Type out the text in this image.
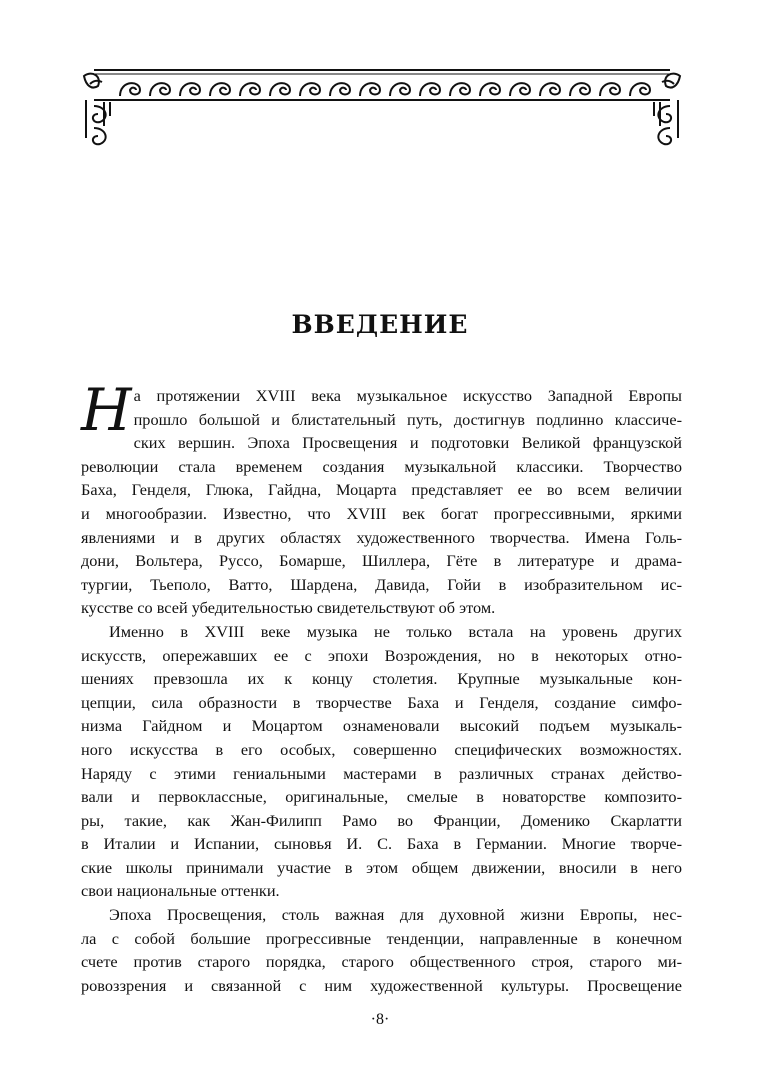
ВВЕДЕНИЕ

Н а протяжении XVIII века музыкальное искусство Западной Европы
прошло большой и блистательный путь, достигнув подлинно классиче-
ских вершин. Эпоха Просвещения и подготовки Великой французской
революции стала временем создания музыкальной классики. Творчество
Баха, Генделя, Глюка, Гайдна, Моцарта представляет ее во всем величии
и многообразии. Известно, что XVIII век богат прогрессивными, яркими
явлениями и в других областях художественного творчества. Имена Голь-
дони, Вольтера, Руссо, Бомарше, Шиллера, Гёте в литературе и драма-
тургии, Тьеполо, Ватто, Шардена, Давида, Гойи в изобразительном ис-
кусстве со всей убедительностью свидетельствуют об этом.

Именно в XVIII веке музыка не только встала на уровень других
искусств, опережавших ее с эпохи Возрождения, но в некоторых отно-
шениях превзошла их к концу столетия. Крупные музыкальные кон-
цепции, сила образности в творчестве Баха и Генделя, создание симфо-
низма Гайдном и Моцартом ознаменовали высокий подъем музыкаль-
ного искусства в его особых, совершенно специфических возможностях.
Наряду с этими гениальными мастерами в различных странах действо-
вали и первоклассные, оригинальные, смелые в новаторстве композито-
ры, такие, как Жан-Филипп Рамо во Франции, Доменико Скарлатти
в Италии и Испании, сыновья И. С. Баха в Германии. Многие творче-
ские школы принимали участие в этом общем движении, вносили в него
свои национальные оттенки.

Эпоха Просвещения, столь важная для духовной жизни Европы, нес-
ла с собой большие прогрессивные тенденции, направленные в конечном
счете против старого порядка, старого общественного строя, старого ми-
ровоззрения и связанной с ним художественной культуры. Просвещение

·8·
